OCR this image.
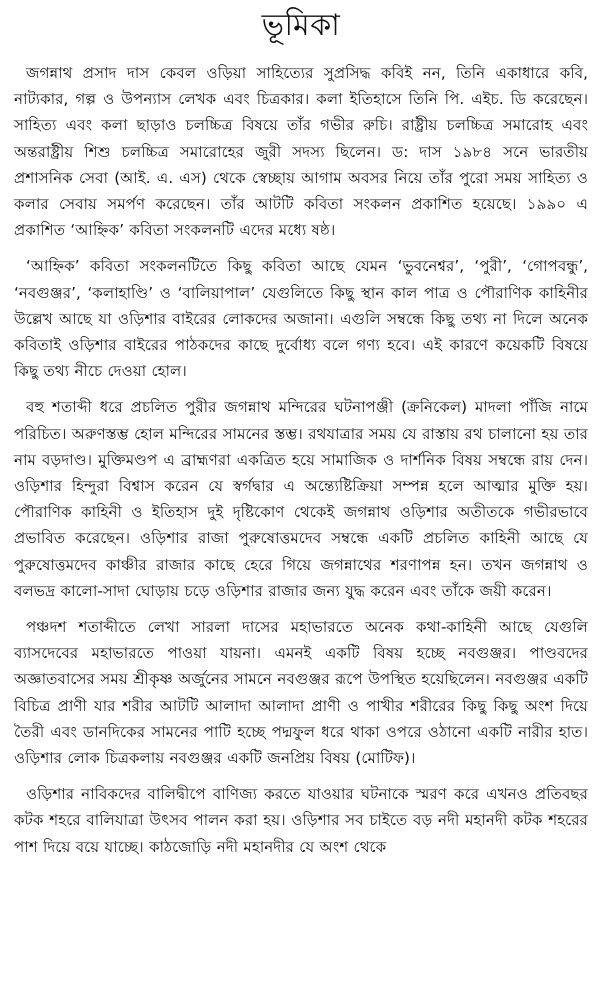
ভূমিকা

জগন্নাথ প্রসাদ দাস কেবল ওড়িয়া সাহিত্যের সুপ্রসিদ্ধ কবিই নন, তিনি একাধারে কবি, নাট্যকার, গল্প ও উপন্যাস লেখক এবং চিত্রকার। কলা ইতিহাসে তিনি পি. এইচ. ডি করেছেন। সাহিত্য এবং কলা ছাড়াও চলচ্চিত্র বিষয়ে তাঁর গভীর রুচি। রাষ্ট্রীয় চলচ্চিত্র সমারোহ এবং অন্তরাষ্ট্রীয় শিশু চলচ্চিত্র সমারোহের জুরী সদস্য ছিলেন। ড: দাস ১৯৮৪ সনে ভারতীয় প্রশাসনিক সেবা (আই. এ. এস) থেকে স্বেচ্ছায় আগাম অবসর নিয়ে তাঁর পুরো সময় সাহিত্য ও কলার সেবায় সমর্পণ করেছেন। তাঁর আটটি কবিতা সংকলন প্রকাশিত হয়েছে। ১৯৯০ এ প্রকাশিত ‘আহ্নিক’ কবিতা সংকলনটি এদের মধ্যে ষষ্ঠ।

‘আহ্নিক’ কবিতা সংকলনটিতে কিছু কবিতা আছে যেমন ‘ভুবনেশ্বর’, ‘পুরী’, ‘গোপবন্ধু’, ‘নবগুঞ্জর’, ‘কলাহাণ্ডি’ ও ‘বালিয়াপাল’ যেগুলিতে কিছু স্থান কাল পাত্র ও পৌরাণিক কাহিনীর উল্লেখ আছে যা ওড়িশার বাইরের লোকদের অজানা। এগুলি সম্বন্ধে কিছু তথ্য না দিলে অনেক কবিতাই ওড়িশার বাইরের পাঠকদের কাছে দুর্বোধ্য বলে গণ্য হবে। এই কারণে কয়েকটি বিষয়ে কিছু তথ্য নীচে দেওয়া হোল।

বহু শতাব্দী ধরে প্রচলিত পুরীর জগন্নাথ মন্দিরের ঘটনাপঞ্জী (ক্রনিকেল) মাদলা পাঁজি নামে পরিচিত। অরুণস্তম্ভ হোল মন্দিরের সামনের স্তম্ভ। রথযাত্রার সময় যে রাস্তায় রথ চালানো হয় তার নাম বড়দাণ্ড। মুক্তিমণ্ডপ এ ব্রাহ্মণরা একত্রিত হয়ে সামাজিক ও দার্শনিক বিষয় সম্বন্ধে রায় দেন। ওড়িশার হিন্দুরা বিশ্বাস করেন যে স্বর্গদ্বার এ অন্ত্যেষ্টিক্রিয়া সম্পন্ন হলে আত্মার মুক্তি হয়। পৌরাণিক কাহিনী ও ইতিহাস দুই দৃষ্টিকোণ থেকেই জগন্নাথ ওড়িশার অতীতকে গভীরভাবে প্রভাবিত করেছেন। ওড়িশার রাজা পুরুষোত্তমদেব সম্বন্ধে একটি প্রচলিত কাহিনী আছে যে পুরুষোত্তমদেব কাঞ্চীর রাজার কাছে হেরে গিয়ে জগন্নাথের শরণাপন্ন হন। তখন জগন্নাথ ও বলভদ্র কালো-সাদা ঘোড়ায় চড়ে ওড়িশার রাজার জন্য যুদ্ধ করেন এবং তাঁকে জয়ী করেন।

পঞ্চদশ শতাব্দীতে লেখা সারলা দাসের মহাভারতে অনেক কথা-কাহিনী আছে যেগুলি ব্যাসদেবের মহাভারতে পাওয়া যায়না। এমনই একটি বিষয় হচ্ছে নবগুঞ্জর। পাণ্ডবদের অজ্ঞাতবাসের সময় শ্রীকৃষ্ণ অর্জুনের সামনে নবগুঞ্জর রূপে উপস্থিত হয়েছিলেন। নবগুঞ্জর একটি বিচিত্র প্রাণী যার শরীর আটটি আলাদা আলাদা প্রাণী ও পাখীর শরীরের কিছু কিছু অংশ দিয়ে তৈরী এবং ডানদিকের সামনের পাটি হচ্ছে পদ্মফুল ধরে থাকা ওপরে ওঠানো একটি নারীর হাত। ওড়িশার লোক চিত্রকলায় নবগুঞ্জর একটি জনপ্রিয় বিষয় (মোটিফ)।

ওড়িশার নাবিকদের বালিদ্বীপে বাণিজ্য করতে যাওয়ার ঘটনাকে স্মরণ করে এখনও প্রতিবছর কটক শহরে বালিযাত্রা উৎসব পালন করা হয়। ওড়িশার সব চাইতে বড় নদী মহানদী কটক শহরের পাশ দিয়ে বয়ে যাচ্ছে। কাঠজোড়ি নদী মহানদীর যে অংশ থেকে
